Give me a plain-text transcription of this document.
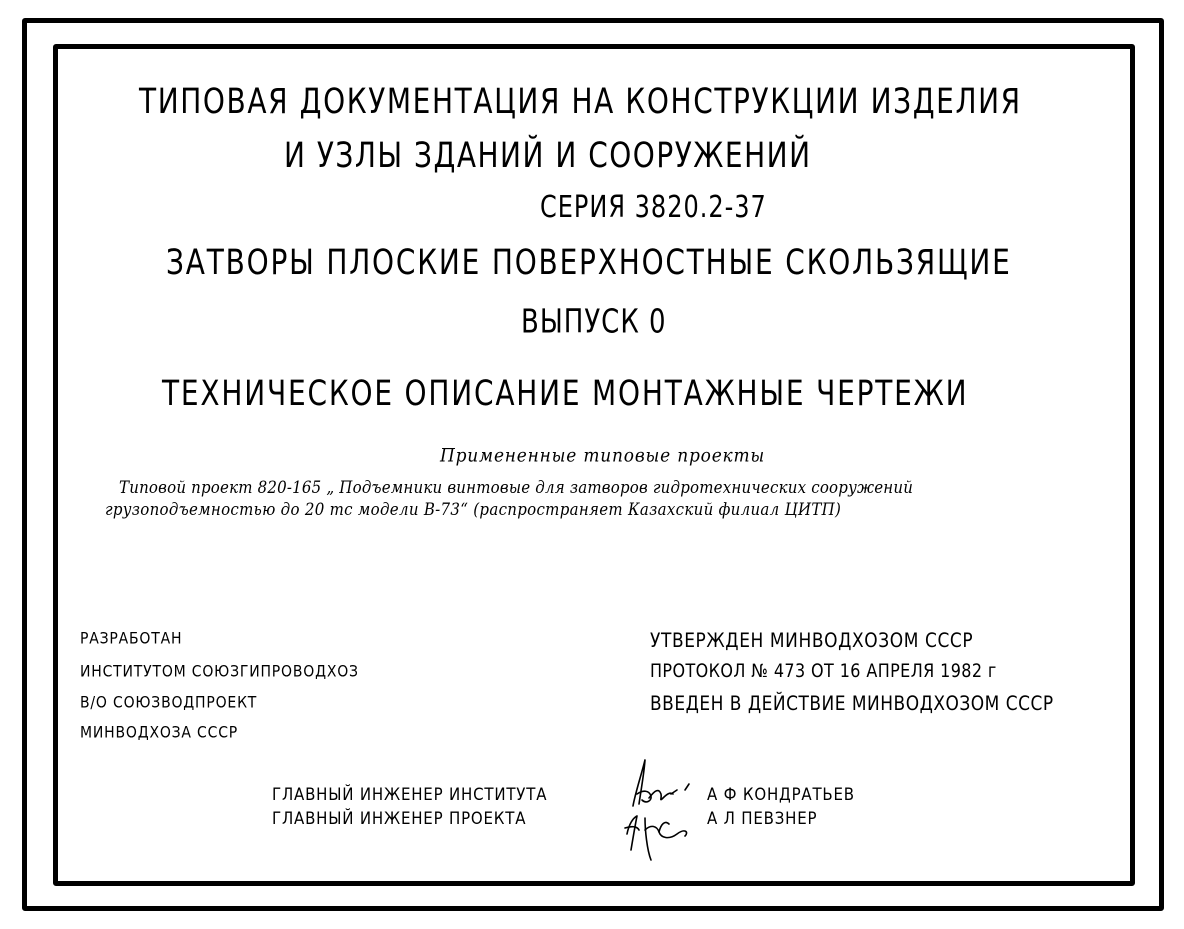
ТИПОВАЯ ДОКУМЕНТАЦИЯ НА КОНСТРУКЦИИ ИЗДЕЛИЯ
И УЗЛЫ ЗДАНИЙ И СООРУЖЕНИЙ
СЕРИЯ 3820.2-37
ЗАТВОРЫ ПЛОСКИЕ ПОВЕРХНОСТНЫЕ СКОЛЬЗЯЩИЕ
ВЫПУСК 0
ТЕХНИЧЕСКОЕ ОПИСАНИЕ МОНТАЖНЫЕ ЧЕРТЕЖИ
Примененные типовые проекты
Типовой проект 820-165 „ Подъемники винтовые для затворов гидротехнических сооружений
грузоподъемностью до 20 тс модели В-73“ (распространяет Казахский филиал ЦИТП)
РАЗРАБОТАН
ИНСТИТУТОМ СОЮЗГИПРОВОДХОЗ
В/О СОЮЗВОДПРОЕКТ
МИНВОДХОЗА СССР
УТВЕРЖДЕН МИНВОДХОЗОМ СССР
ПРОТОКОЛ № 473 ОТ 16 АПРЕЛЯ 1982 г
ВВЕДЕН В ДЕЙСТВИЕ МИНВОДХОЗОМ СССР
ГЛАВНЫЙ ИНЖЕНЕР ИНСТИТУТА
ГЛАВНЫЙ ИНЖЕНЕР ПРОЕКТА
А Ф КОНДРАТЬЕВ
А Л ПЕВЗНЕР
